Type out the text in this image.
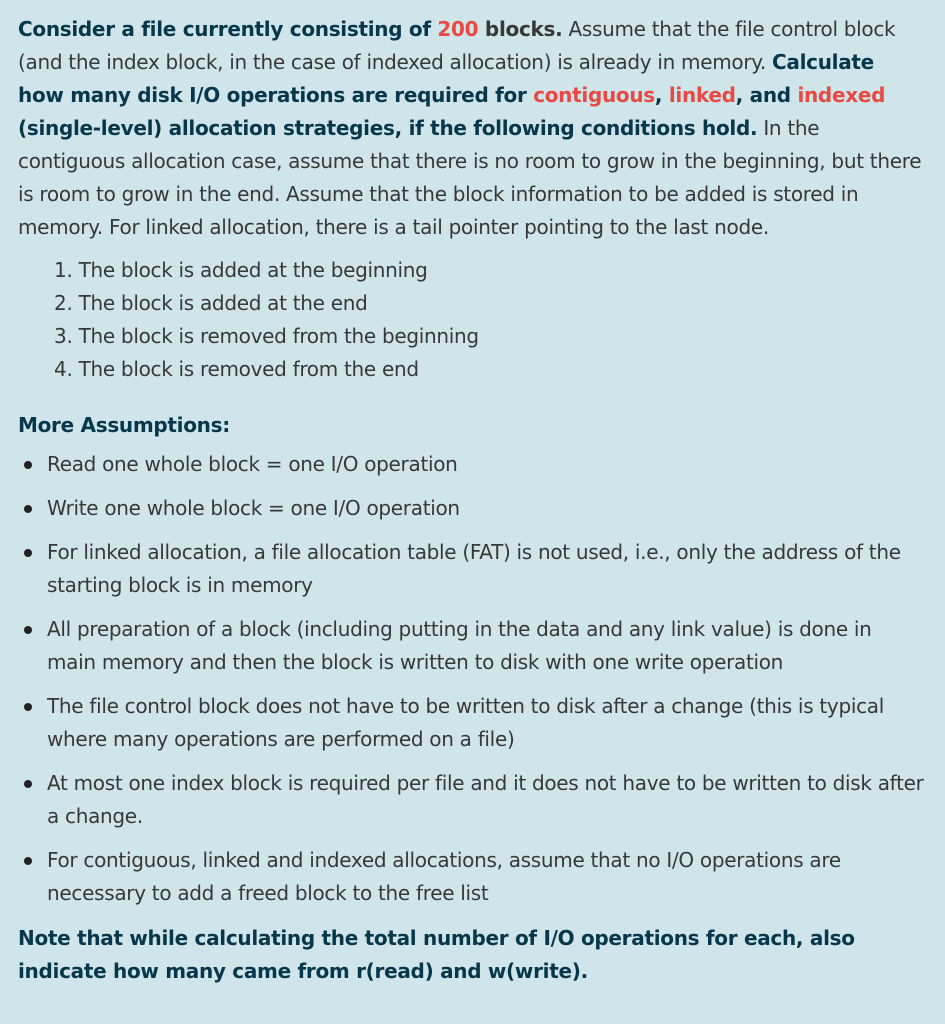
Consider a file currently consisting of 200 blocks. Assume that the file control block (and the index block, in the case of indexed allocation) is already in memory. Calculate how many disk I/O operations are required for contiguous, linked, and indexed (single-level) allocation strategies, if the following conditions hold. In the contiguous allocation case, assume that there is no room to grow in the beginning, but there is room to grow in the end. Assume that the block information to be added is stored in memory. For linked allocation, there is a tail pointer pointing to the last node.

The block is added at the beginning
The block is added at the end
The block is removed from the beginning
The block is removed from the end
More Assumptions:
Read one whole block = one I/O operation
Write one whole block = one I/O operation
For linked allocation, a file allocation table (FAT) is not used, i.e., only the address of the starting block is in memory
All preparation of a block (including putting in the data and any link value) is done in main memory and then the block is written to disk with one write operation
The file control block does not have to be written to disk after a change (this is typical where many operations are performed on a file)
At most one index block is required per file and it does not have to be written to disk after a change.
For contiguous, linked and indexed allocations, assume that no I/O operations are necessary to add a freed block to the free list

Note that while calculating the total number of I/O operations for each, also indicate how many came from r(read) and w(write).
